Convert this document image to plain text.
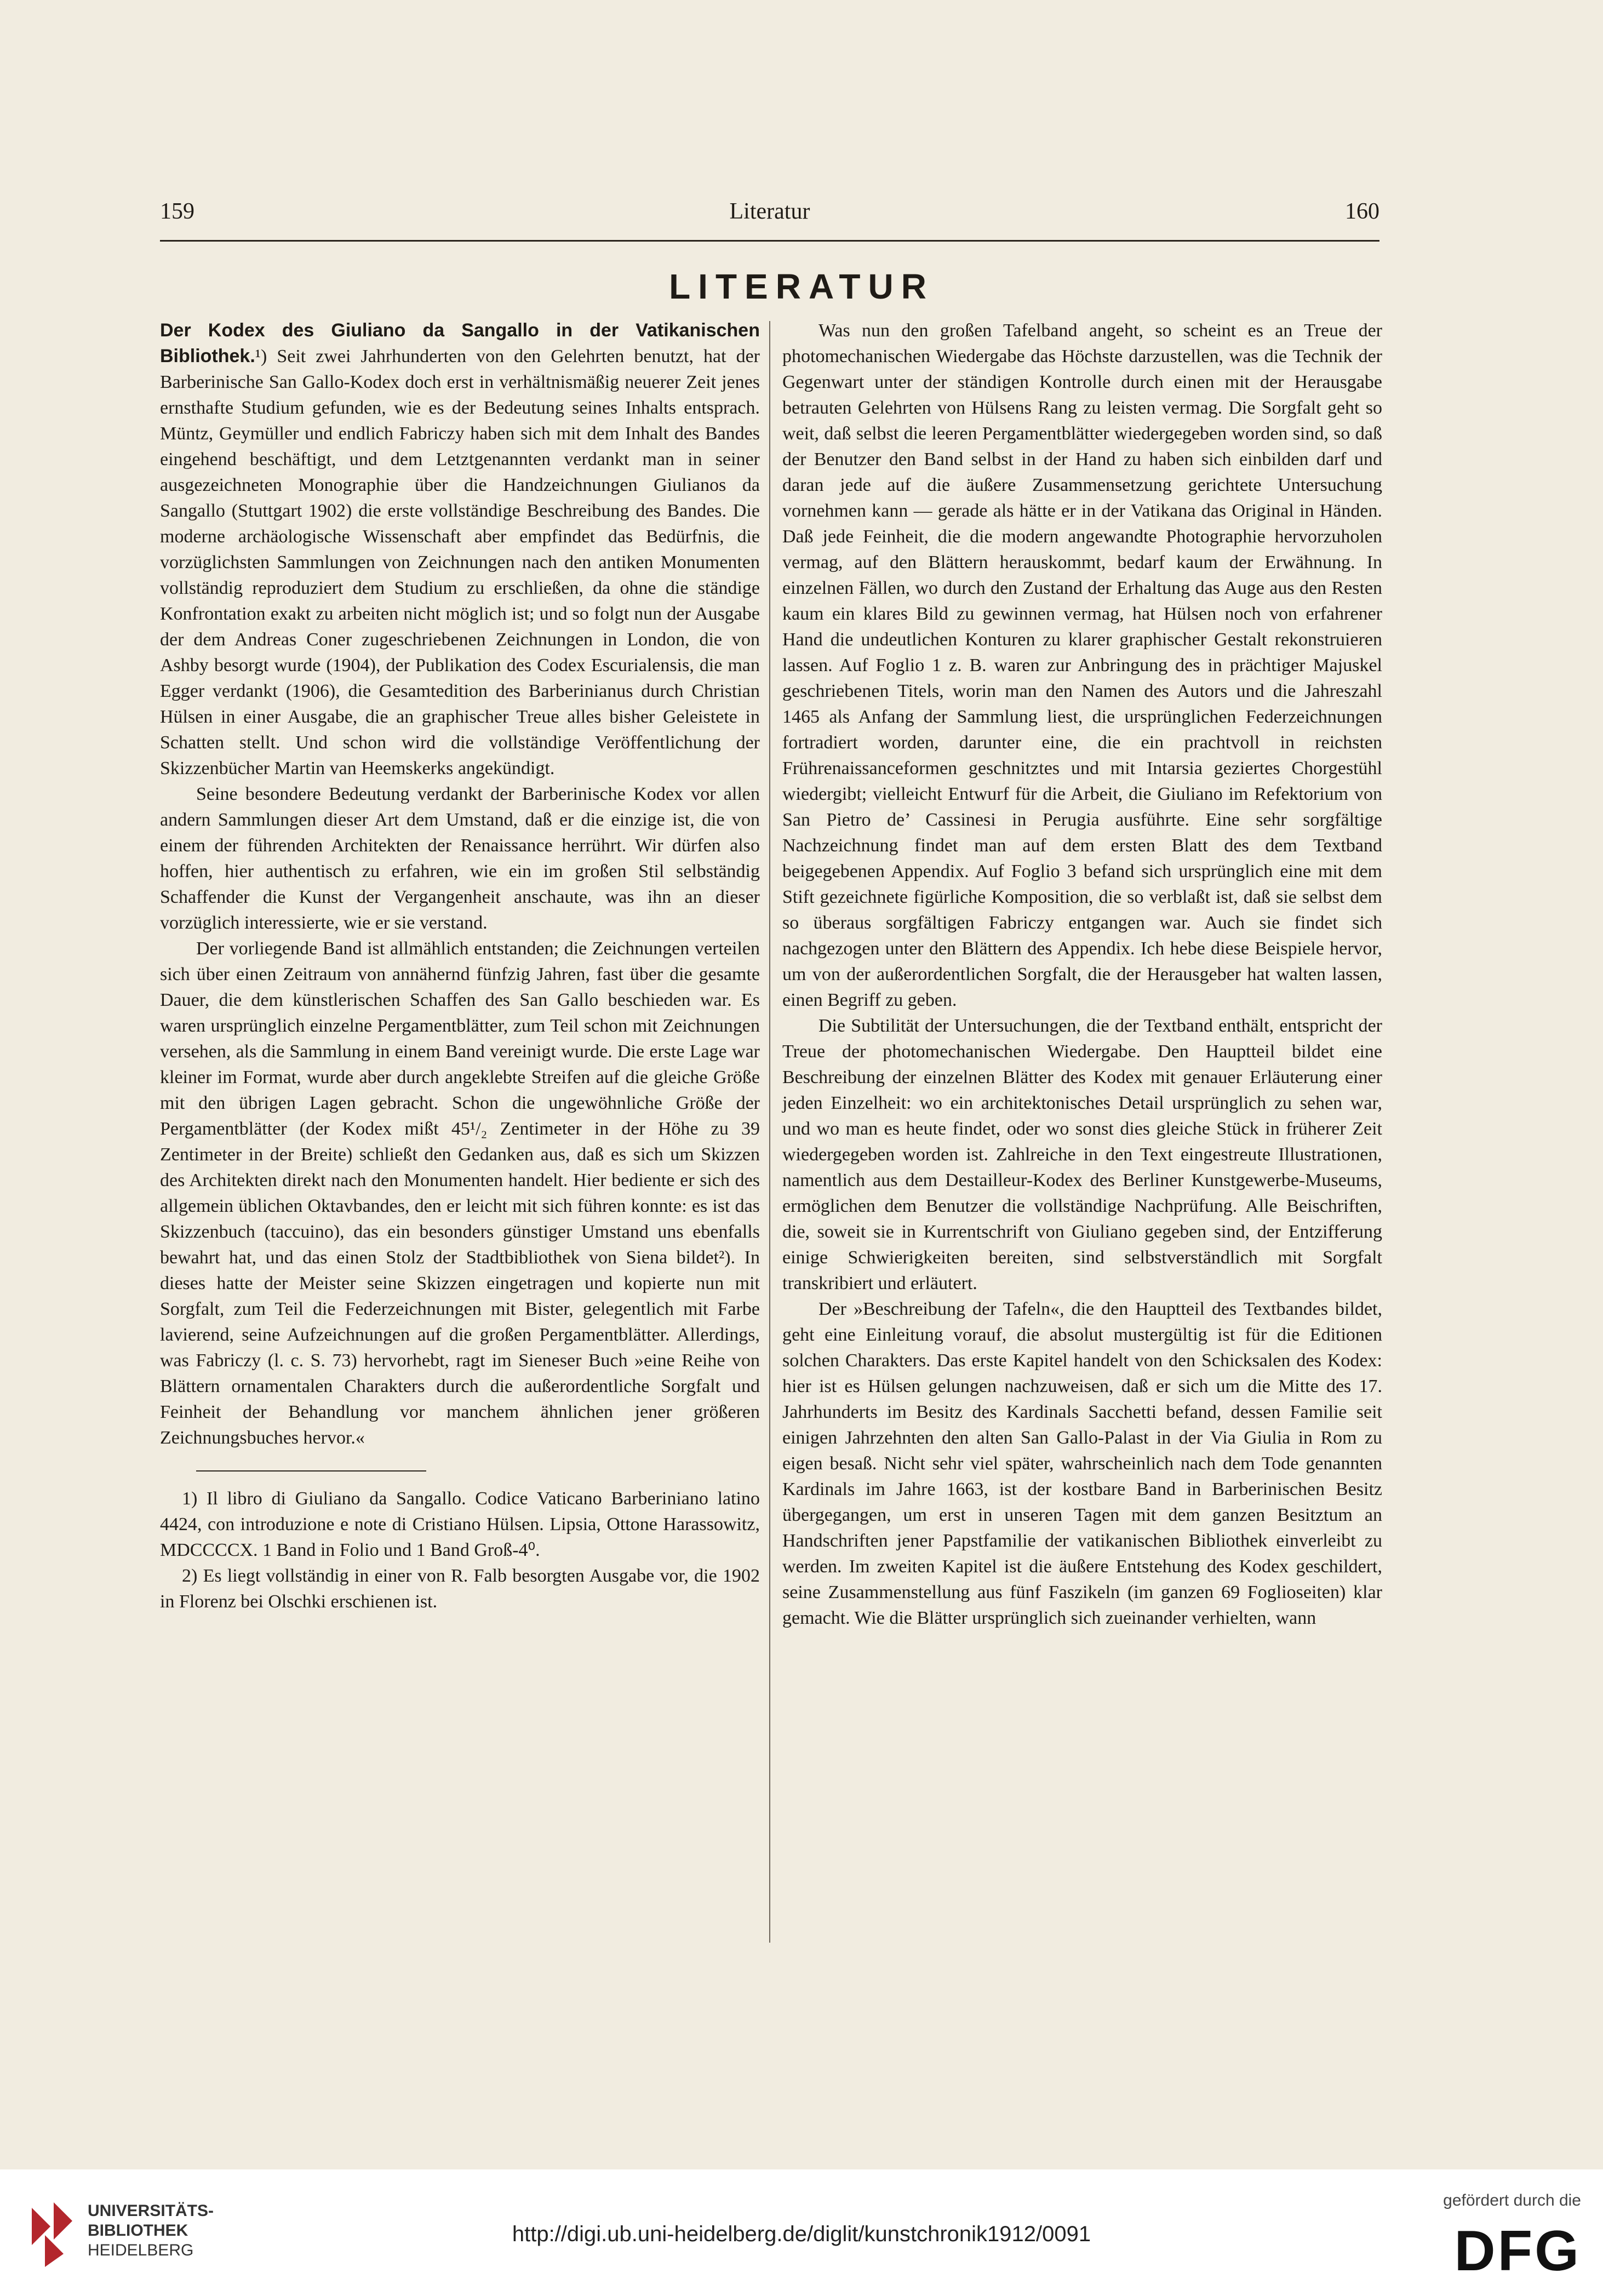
159	Literatur	160
LITERATUR

Der Kodex des Giuliano da Sangallo in der Vatikanischen Bibliothek.¹) Seit zwei Jahrhunderten von den Gelehrten benutzt, hat der Barberinische San Gallo-Kodex doch erst in verhältnismäßig neuerer Zeit jenes ernsthafte Studium gefunden, wie es der Bedeutung seines Inhalts entsprach. Müntz, Geymüller und endlich Fabriczy haben sich mit dem Inhalt des Bandes eingehend beschäftigt, und dem Letztgenannten verdankt man in seiner ausgezeichneten Monographie über die Handzeichnungen Giulianos da Sangallo (Stuttgart 1902) die erste vollständige Beschreibung des Bandes. Die moderne archäologische Wissenschaft aber empfindet das Bedürfnis, die vorzüglichsten Sammlungen von Zeichnungen nach den antiken Monumenten vollständig reproduziert dem Studium zu erschließen, da ohne die ständige Konfrontation exakt zu arbeiten nicht möglich ist; und so folgt nun der Ausgabe der dem Andreas Coner zugeschriebenen Zeichnungen in London, die von Ashby besorgt wurde (1904), der Publikation des Codex Escurialensis, die man Egger verdankt (1906), die Gesamtedition des Barberinianus durch Christian Hülsen in einer Ausgabe, die an graphischer Treue alles bisher Geleistete in Schatten stellt. Und schon wird die vollständige Veröffentlichung der Skizzenbücher Martin van Heemskerks angekündigt.

Seine besondere Bedeutung verdankt der Barberinische Kodex vor allen andern Sammlungen dieser Art dem Umstand, daß er die einzige ist, die von einem der führenden Architekten der Renaissance herrührt. Wir dürfen also hoffen, hier authentisch zu erfahren, wie ein im großen Stil selbständig Schaffender die Kunst der Vergangenheit anschaute, was ihn an dieser vorzüglich interessierte, wie er sie verstand.

Der vorliegende Band ist allmählich entstanden; die Zeichnungen verteilen sich über einen Zeitraum von annähernd fünfzig Jahren, fast über die gesamte Dauer, die dem künstlerischen Schaffen des San Gallo beschieden war. Es waren ursprünglich einzelne Pergamentblätter, zum Teil schon mit Zeichnungen versehen, als die Sammlung in einem Band vereinigt wurde. Die erste Lage war kleiner im Format, wurde aber durch angeklebte Streifen auf die gleiche Größe mit den übrigen Lagen gebracht. Schon die ungewöhnliche Größe der Pergamentblätter (der Kodex mißt 45¹/₂ Zentimeter in der Höhe zu 39 Zentimeter in der Breite) schließt den Gedanken aus, daß es sich um Skizzen des Architekten direkt nach den Monumenten handelt. Hier bediente er sich des allgemein üblichen Oktavbandes, den er leicht mit sich führen konnte: es ist das Skizzenbuch (taccuino), das ein besonders günstiger Umstand uns ebenfalls bewahrt hat, und das einen Stolz der Stadtbibliothek von Siena bildet²). In dieses hatte der Meister seine Skizzen eingetragen und kopierte nun mit Sorgfalt, zum Teil die Federzeichnungen mit Bister, gelegentlich mit Farbe lavierend, seine Aufzeichnungen auf die großen Pergamentblätter. Allerdings, was Fabriczy (l. c. S. 73) hervorhebt, ragt im Sieneser Buch »eine Reihe von Blättern ornamentalen Charakters durch die außerordentliche Sorgfalt und Feinheit der Behandlung vor manchem ähnlichen jener größeren Zeichnungsbuches hervor.«

1) Il libro di Giuliano da Sangallo. Codice Vaticano Barberiniano latino 4424, con introduzione e note di Cristiano Hülsen. Lipsia, Ottone Harassowitz, MDCCCCX. 1 Band in Folio und 1 Band Groß-4⁰.

2) Es liegt vollständig in einer von R. Falb besorgten Ausgabe vor, die 1902 in Florenz bei Olschki erschienen ist.

Was nun den großen Tafelband angeht, so scheint es an Treue der photomechanischen Wiedergabe das Höchste darzustellen, was die Technik der Gegenwart unter der ständigen Kontrolle durch einen mit der Herausgabe betrauten Gelehrten von Hülsens Rang zu leisten vermag. Die Sorgfalt geht so weit, daß selbst die leeren Pergamentblätter wiedergegeben worden sind, so daß der Benutzer den Band selbst in der Hand zu haben sich einbilden darf und daran jede auf die äußere Zusammensetzung gerichtete Untersuchung vornehmen kann — gerade als hätte er in der Vatikana das Original in Händen. Daß jede Feinheit, die die modern angewandte Photographie hervorzuholen vermag, auf den Blättern herauskommt, bedarf kaum der Erwähnung. In einzelnen Fällen, wo durch den Zustand der Erhaltung das Auge aus den Resten kaum ein klares Bild zu gewinnen vermag, hat Hülsen noch von erfahrener Hand die undeutlichen Konturen zu klarer graphischer Gestalt rekonstruieren lassen. Auf Foglio 1 z. B. waren zur Anbringung des in prächtiger Majuskel geschriebenen Titels, worin man den Namen des Autors und die Jahreszahl 1465 als Anfang der Sammlung liest, die ursprünglichen Federzeichnungen fortradiert worden, darunter eine, die ein prachtvoll in reichsten Frührenaissanceformen geschnitztes und mit Intarsia geziertes Chorgestühl wiedergibt; vielleicht Entwurf für die Arbeit, die Giuliano im Refektorium von San Pietro de’ Cassinesi in Perugia ausführte. Eine sehr sorgfältige Nachzeichnung findet man auf dem ersten Blatt des dem Textband beigegebenen Appendix. Auf Foglio 3 befand sich ursprünglich eine mit dem Stift gezeichnete figürliche Komposition, die so verblaßt ist, daß sie selbst dem so überaus sorgfältigen Fabriczy entgangen war. Auch sie findet sich nachgezogen unter den Blättern des Appendix. Ich hebe diese Beispiele hervor, um von der außerordentlichen Sorgfalt, die der Herausgeber hat walten lassen, einen Begriff zu geben.

Die Subtilität der Untersuchungen, die der Textband enthält, entspricht der Treue der photomechanischen Wiedergabe. Den Hauptteil bildet eine Beschreibung der einzelnen Blätter des Kodex mit genauer Erläuterung einer jeden Einzelheit: wo ein architektonisches Detail ursprünglich zu sehen war, und wo man es heute findet, oder wo sonst dies gleiche Stück in früherer Zeit wiedergegeben worden ist. Zahlreiche in den Text eingestreute Illustrationen, namentlich aus dem Destailleur-Kodex des Berliner Kunstgewerbe-Museums, ermöglichen dem Benutzer die vollständige Nachprüfung. Alle Beischriften, die, soweit sie in Kurrentschrift von Giuliano gegeben sind, der Entzifferung einige Schwierigkeiten bereiten, sind selbstverständlich mit Sorgfalt transkribiert und erläutert.

Der »Beschreibung der Tafeln«, die den Hauptteil des Textbandes bildet, geht eine Einleitung vorauf, die absolut mustergültig ist für die Editionen solchen Charakters. Das erste Kapitel handelt von den Schicksalen des Kodex: hier ist es Hülsen gelungen nachzuweisen, daß er sich um die Mitte des 17. Jahrhunderts im Besitz des Kardinals Sacchetti befand, dessen Familie seit einigen Jahrzehnten den alten San Gallo-Palast in der Via Giulia in Rom zu eigen besaß. Nicht sehr viel später, wahrscheinlich nach dem Tode genannten Kardinals im Jahre 1663, ist der kostbare Band in Barberinischen Besitz übergegangen, um erst in unseren Tagen mit dem ganzen Besitztum an Handschriften jener Papstfamilie der vatikanischen Bibliothek einverleibt zu werden. Im zweiten Kapitel ist die äußere Entstehung des Kodex geschildert, seine Zusammenstellung aus fünf Faszikeln (im ganzen 69 Foglioseiten) klar gemacht. Wie die Blätter ursprünglich sich zueinander verhielten, wann

UNIVERSITÄTS-
BIBLIOTHEK
HEIDELBERG
http://digi.ub.uni-heidelberg.de/diglit/kunstchronik1912/0091
gefördert durch die
DFG
